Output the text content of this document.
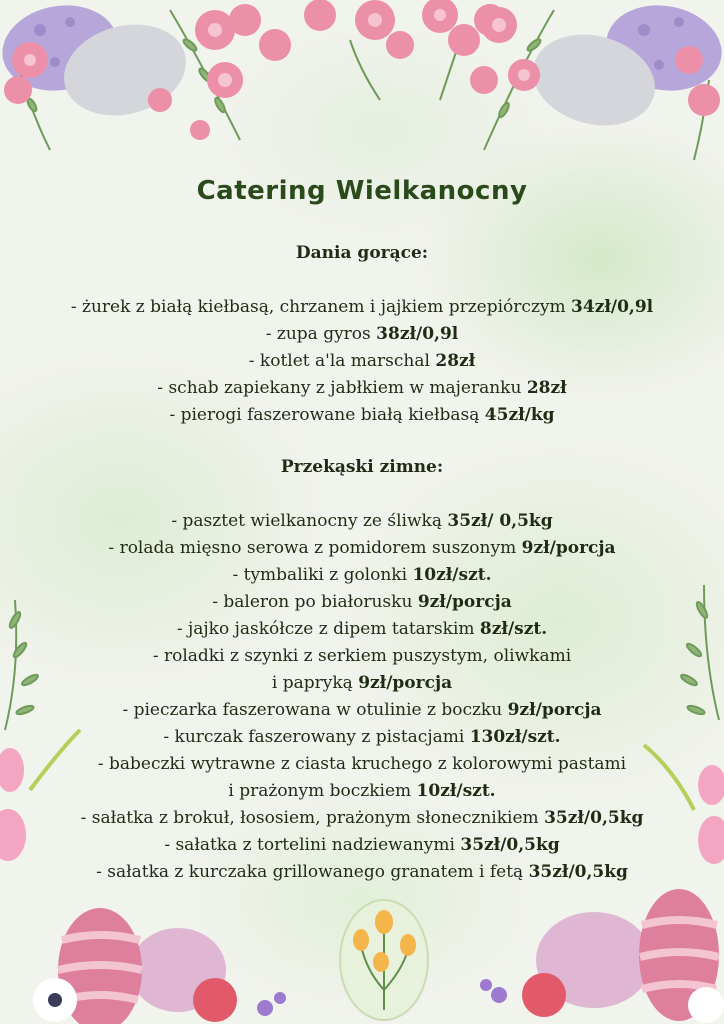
Catering Wielkanocny
Dania gorące:
- żurek z białą kiełbasą, chrzanem i jajkiem przepiórczym 34zł/0,9l
- zupa gyros 38zł/0,9l
- kotlet a'la marschal 28zł
- schab zapiekany z jabłkiem w majeranku 28zł
- pierogi faszerowane białą kiełbasą 45zł/kg
Przekąski zimne:
- pasztet wielkanocny ze śliwką 35zł/ 0,5kg
- rolada mięsno serowa z pomidorem suszonym 9zł/porcja
- tymbaliki z golonki 10zł/szt.
- baleron po białorusku 9zł/porcja
- jajko jaskółcze z dipem tatarskim 8zł/szt.
- roladki z szynki z serkiem puszystym, oliwkami
i papryką 9zł/porcja
- pieczarka faszerowana w otulinie z boczku 9zł/porcja
- kurczak faszerowany z pistacjami 130zł/szt.
- babeczki wytrawne z ciasta kruchego z kolorowymi pastami
i prażonym boczkiem 10zł/szt.
- sałatka z brokuł, łososiem, prażonym słonecznikiem 35zł/0,5kg
- sałatka z tortelini nadziewanymi 35zł/0,5kg
- sałatka z kurczaka grillowanego granatem i fetą 35zł/0,5kg
